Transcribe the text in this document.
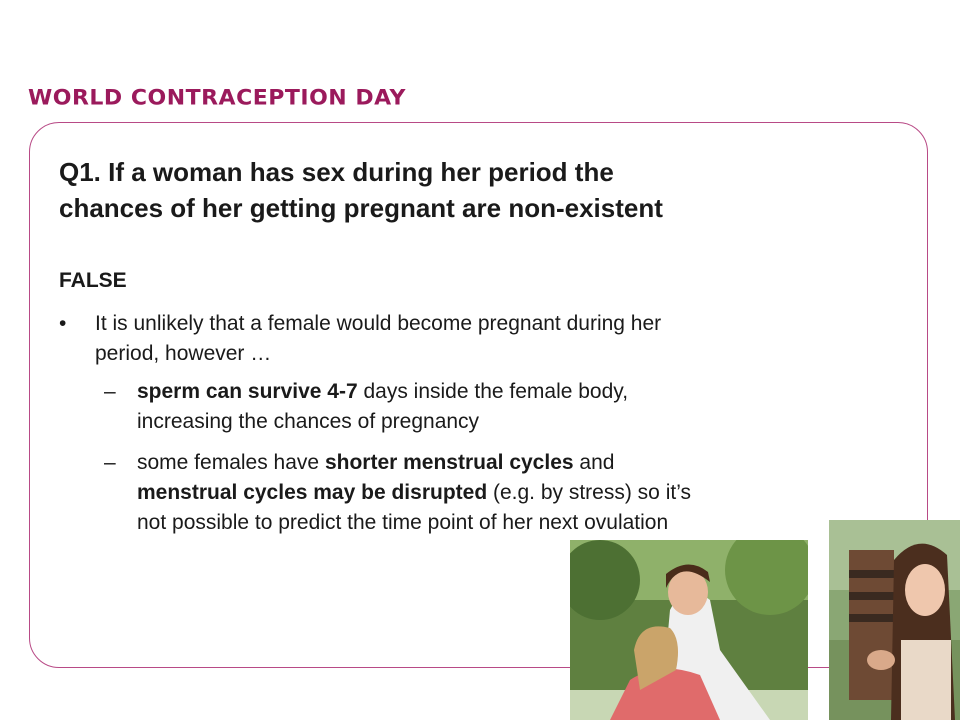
WORLD CONTRACEPTION DAY
Q1. If a woman has sex during her period the
chances of her getting pregnant are non-existent
FALSE
• It is unlikely that a female would become pregnant during her
period, however …
– sperm can survive 4-7 days inside the female body,
increasing the chances of pregnancy
– some females have shorter menstrual cycles and
menstrual cycles may be disrupted (e.g. by stress) so it’s
not possible to predict the time point of her next ovulation
